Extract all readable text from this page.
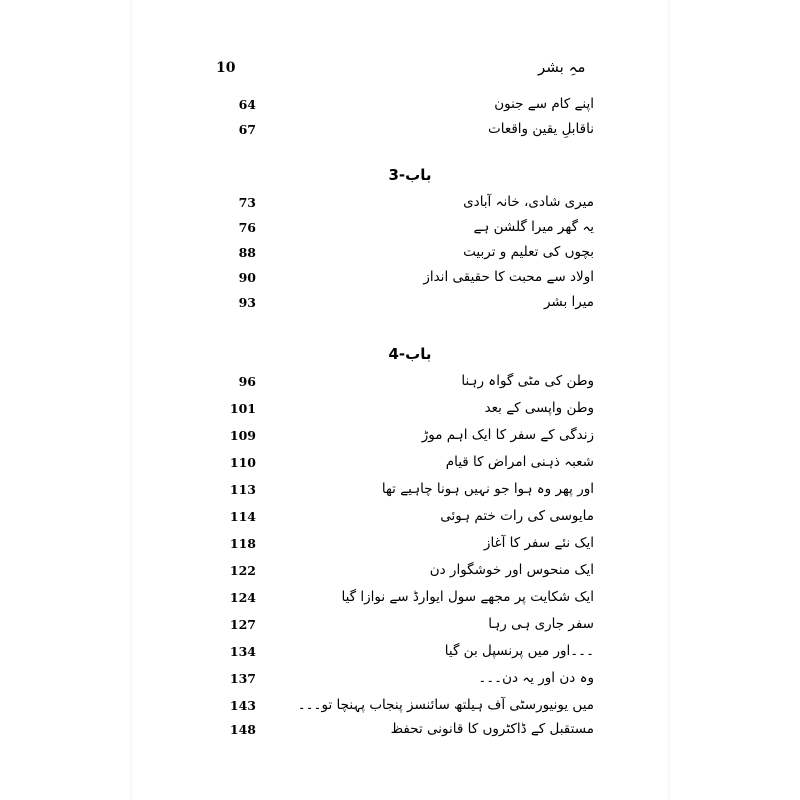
10	مہِ بشر
64	اپنے کام سے جنون
67	ناقابلِ یقین واقعات
باب-3
73	میری شادی، خانہ آبادی
76	یہ گھر میرا گلشن ہے
88	بچوں کی تعلیم و تربیت
90	اولاد سے محبت کا حقیقی انداز
93	میرا بشر
باب-4
96	وطن کی مٹی گواہ رہنا
101	وطن واپسی کے بعد
109	زندگی کے سفر کا ایک اہم موڑ
110	شعبہ ذہنی امراض کا قیام
113	اور پھر وہ ہوا جو نہیں ہونا چاہیے تھا
114	مایوسی کی رات ختم ہوئی
118	ایک نئے سفر کا آغاز
122	ایک منحوس اور خوشگوار دن
124	ایک شکایت پر مجھے سول ایوارڈ سے نوازا گیا
127	سفر جاری ہی رہا
134	۔۔۔اور میں پرنسپل بن گیا
137	وہ دن اور یہ دن۔۔۔
143	میں یونیورسٹی آف ہیلتھ سائنسز پنجاب پہنچا تو۔۔۔
148	مستقبل کے ڈاکٹروں کا قانونی تحفظ
